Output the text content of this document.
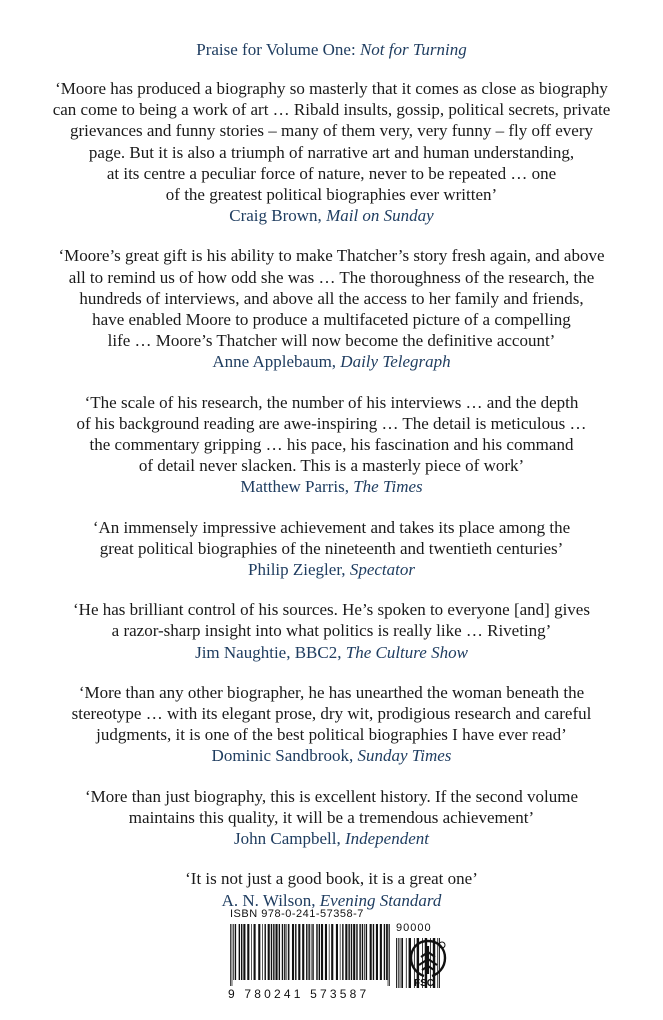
Praise for Volume One: Not for Turning
‘Moore has produced a biography so masterly that it comes as close as biography
can come to being a work of art … Ribald insults, gossip, political secrets, private
grievances and funny stories – many of them very, very funny – fly off every
page. But it is also a triumph of narrative art and human understanding,
at its centre a peculiar force of nature, never to be repeated … one
of the greatest political biographies ever written’
Craig Brown, Mail on Sunday
‘Moore’s great gift is his ability to make Thatcher’s story fresh again, and above
all to remind us of how odd she was … The thoroughness of the research, the
hundreds of interviews, and above all the access to her family and friends,
have enabled Moore to produce a multifaceted picture of a compelling
life … Moore’s Thatcher will now become the definitive account’
Anne Applebaum, Daily Telegraph
‘The scale of his research, the number of his interviews … and the depth
of his background reading are awe-inspiring … The detail is meticulous …
the commentary gripping … his pace, his fascination and his command
of detail never slacken. This is a masterly piece of work’
Matthew Parris, The Times
‘An immensely impressive achievement and takes its place among the
great political biographies of the nineteenth and twentieth centuries’
Philip Ziegler, Spectator
‘He has brilliant control of his sources. He’s spoken to everyone [and] gives
a razor-sharp insight into what politics is really like … Riveting’
Jim Naughtie, BBC2, The Culture Show
‘More than any other biographer, he has unearthed the woman beneath the
stereotype … with its elegant prose, dry wit, prodigious research and careful
judgments, it is one of the best political biographies I have ever read’
Dominic Sandbrook, Sunday Times
‘More than just biography, this is excellent history. If the second volume
maintains this quality, it will be a tremendous achievement’
John Campbell, Independent
‘It is not just a good book, it is a great one’
A. N. Wilson, Evening Standard
ISBN 978-0-241-57358-7
90000
9 780241 573587
FSC
